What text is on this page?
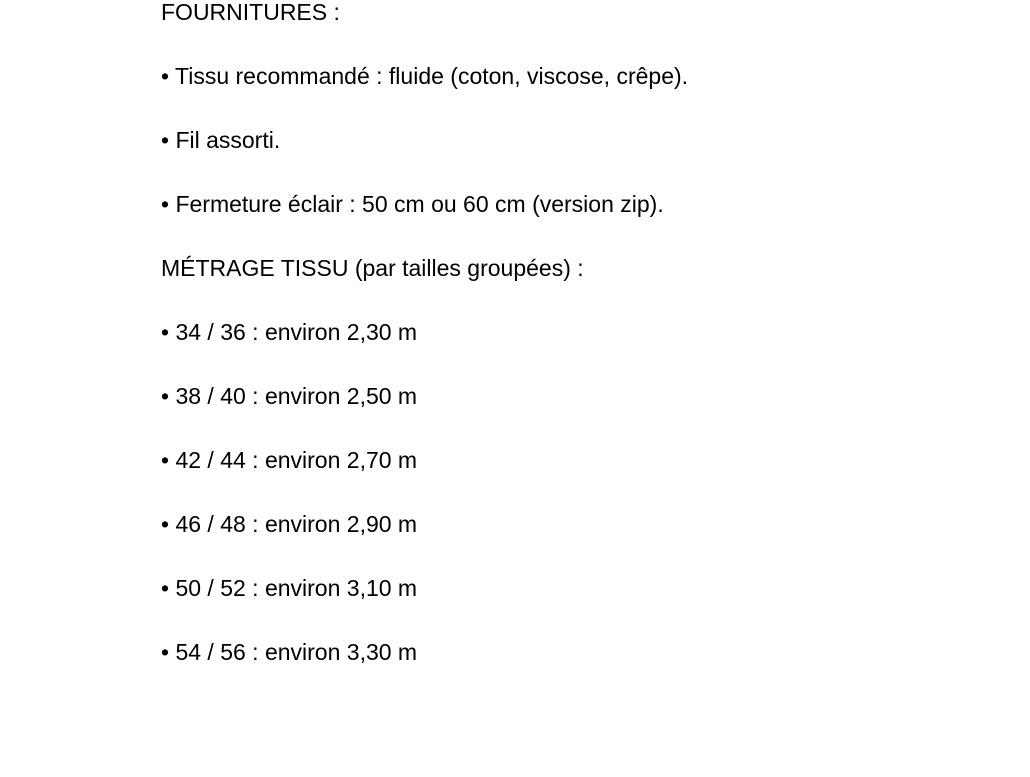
FOURNITURES :
• Tissu recommandé : fluide (coton, viscose, crêpe).
• Fil assorti.
• Fermeture éclair : 50 cm ou 60 cm (version zip).
MÉTRAGE TISSU (par tailles groupées) :
• 34 / 36 : environ 2,30 m
• 38 / 40 : environ 2,50 m
• 42 / 44 : environ 2,70 m
• 46 / 48 : environ 2,90 m
• 50 / 52 : environ 3,10 m
• 54 / 56 : environ 3,30 m
